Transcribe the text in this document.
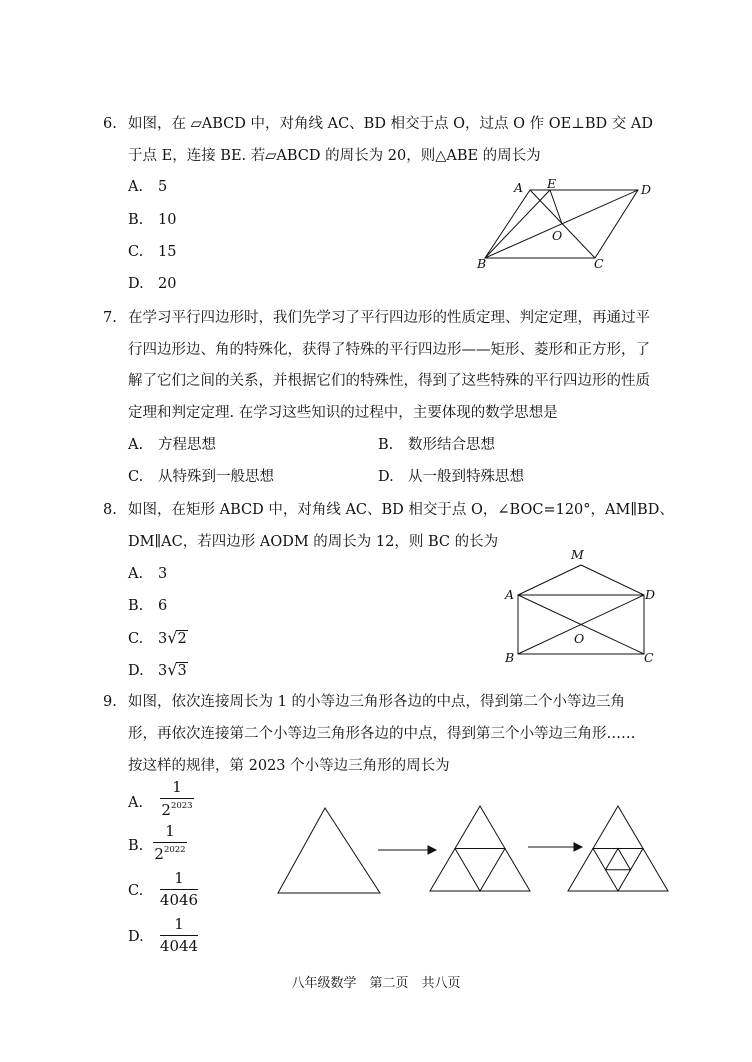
6. 如图，在 ▱ABCD 中，对角线 AC、BD 相交于点 O，过点 O 作 OE⊥BD 交 AD
于点 E，连接 BE. 若▱ABCD 的周长为 20，则△ABE 的周长为
A. 5
B. 10
C. 15
D. 20
A E	D
O
B	C
7. 在学习平行四边形时，我们先学习了平行四边形的性质定理、判定定理，再通过平
行四边形边、角的特殊化，获得了特殊的平行四边形——矩形、菱形和正方形，了
解了它们之间的关系，并根据它们的特殊性，得到了这些特殊的平行四边形的性质
定理和判定定理. 在学习这些知识的过程中，主要体现的数学思想是
A. 方程思想	B. 数形结合思想
C. 从特殊到一般思想	D. 从一般到特殊思想
8. 如图，在矩形 ABCD 中，对角线 AC、BD 相交于点 O，∠BOC=120°，AM∥BD、
DM∥AC，若四边形 AODM 的周长为 12，则 BC 的长为
A. 3
B. 6
C. 3√2
D. 3√3
M
A	D
O
B	C
9. 如图，依次连接周长为 1 的小等边三角形各边的中点，得到第二个小等边三角
形，再依次连接第二个小等边三角形各边的中点，得到第三个小等边三角形……
按这样的规律，第 2023 个小等边三角形的周长为
A.
1
$2^{2023}$
B.
1
$2^{2022}$
C.
1
4046
D.
1
4044
八年级数学　第二页　共八页
